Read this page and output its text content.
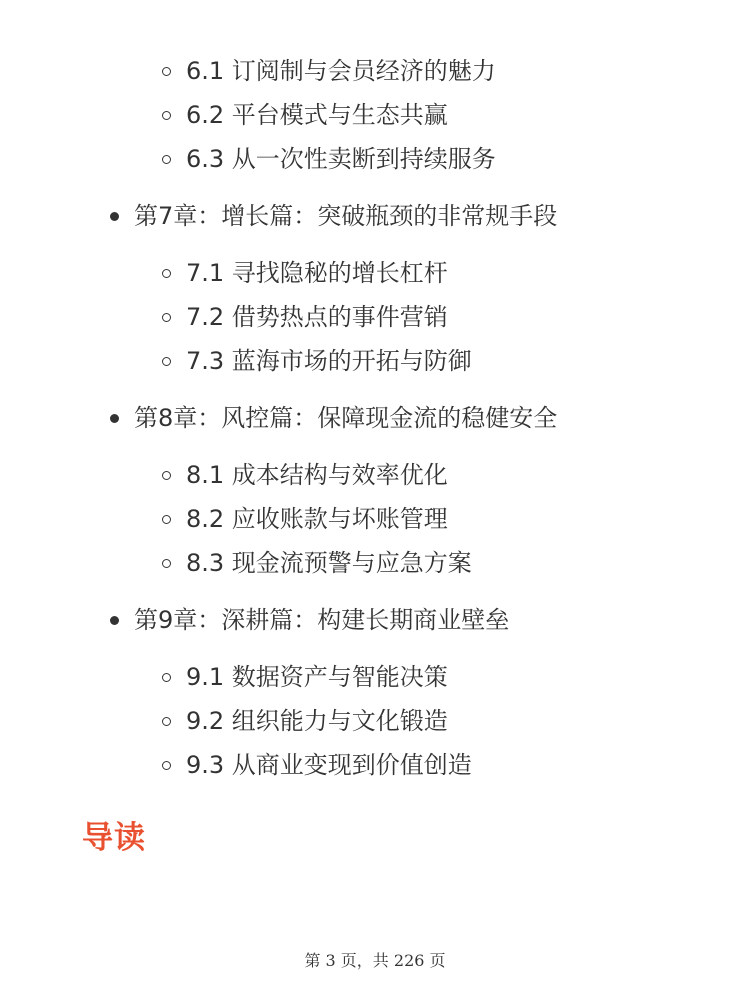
6.1 订阅制与会员经济的魅力
6.2 平台模式与生态共赢
6.3 从一次性卖断到持续服务
第7章：增长篇：突破瓶颈的非常规手段
7.1 寻找隐秘的增长杠杆
7.2 借势热点的事件营销
7.3 蓝海市场的开拓与防御
第8章：风控篇：保障现金流的稳健安全
8.1 成本结构与效率优化
8.2 应收账款与坏账管理
8.3 现金流预警与应急方案
第9章：深耕篇：构建长期商业壁垒
9.1 数据资产与智能决策
9.2 组织能力与文化锻造
9.3 从商业变现到价值创造
导读
第 3 页，共 226 页
